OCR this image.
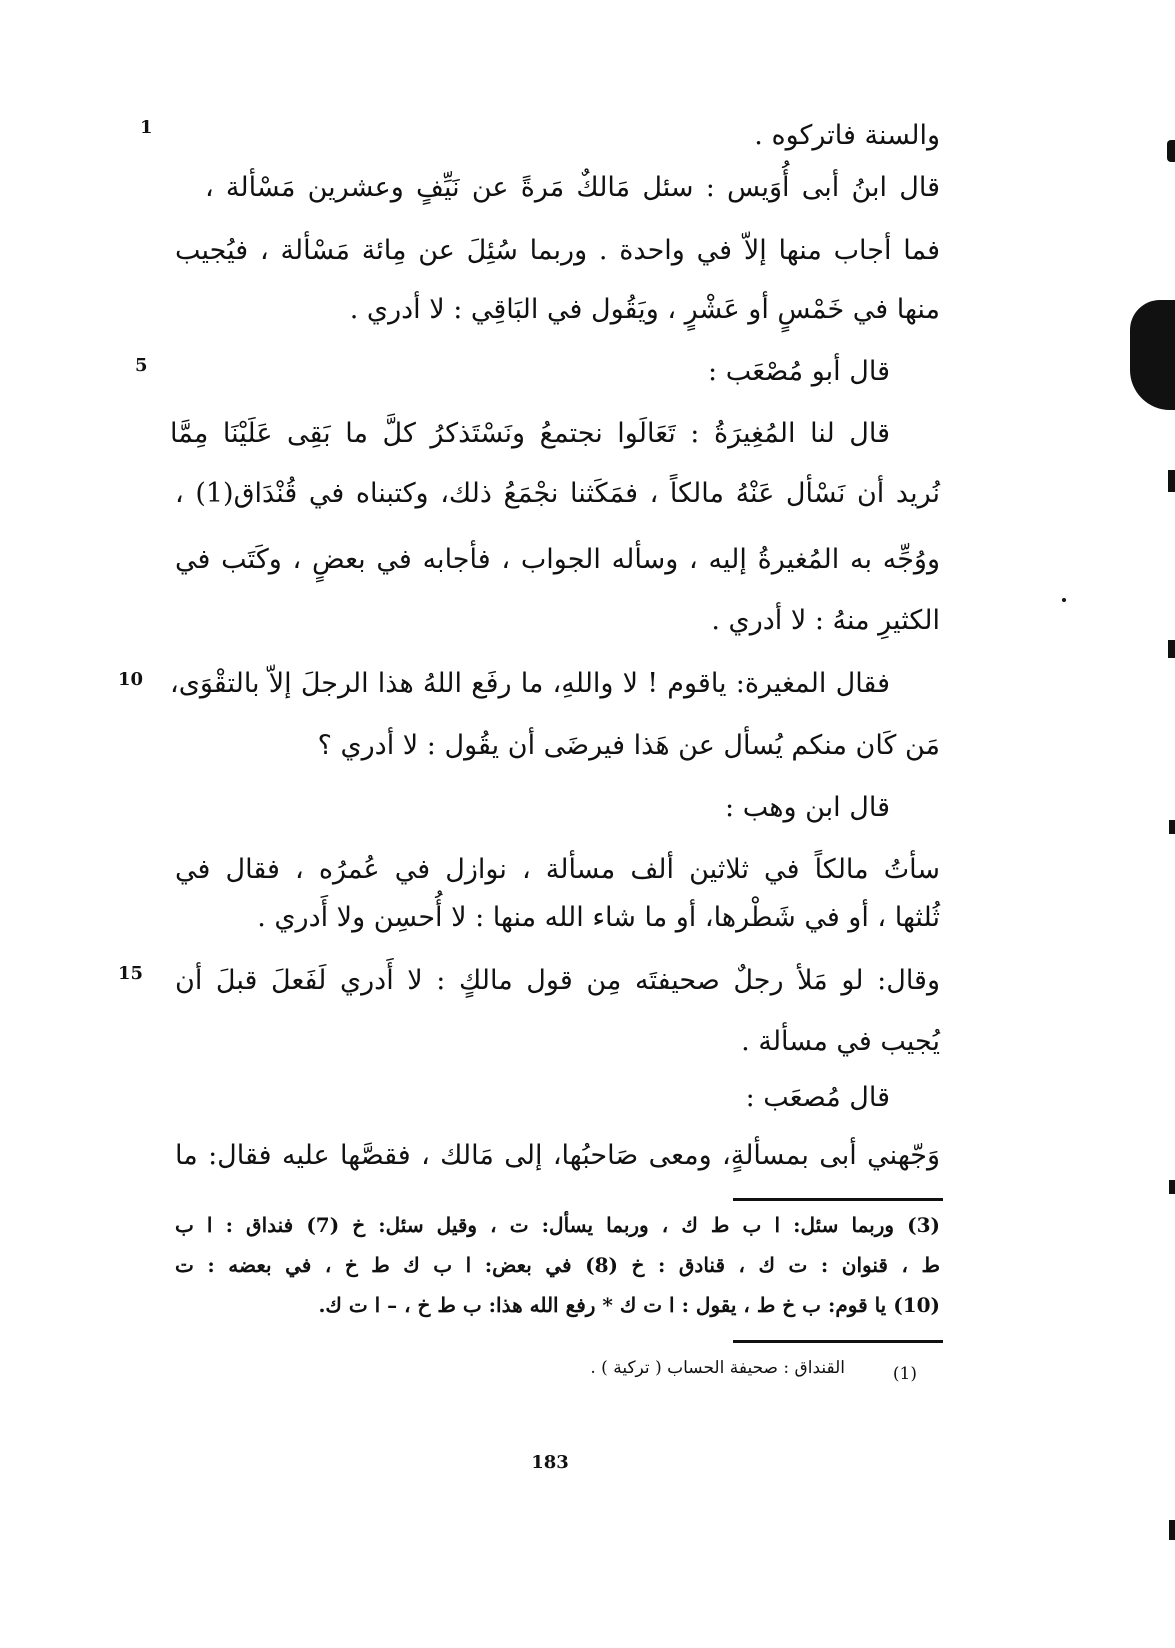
1
5
10
15
والسنة فاتركوه .
قال ابنُ أبى أُوَيس : سئل مَالكٌ مَرةً عن نَيِّفٍ وعشرين مَسْألة ،
فما أجاب منها إلاّ في واحدة . وربما سُئِلَ عن مِائة مَسْألة ، فيُجيب
منها في خَمْسٍ أو عَشْرٍ ، ويَقُول في البَاقِي : لا أدري .
قال أبو مُصْعَب :
قال لنا المُغِيرَةُ : تَعَالَوا نجتمعُ ونَسْتَذكرُ كلَّ ما بَقِى عَلَيْنَا مِمَّا
نُريد أن نَسْأل عَنْهُ مالكاً ، فمَكَثنا نجْمَعُ ذلك، وكتبناه في قُنْدَاق(1) ،
ووُجِّه به المُغيرةُ إليه ، وسأله الجواب ، فأجابه في بعضٍ ، وكَتَب في
الكثيرِ منهُ : لا أدري .
فقال المغيرة: ياقوم ! لا واللهِ، ما رفَع اللهُ هذا الرجلَ إلاّ بالتقْوَى،
مَن كَان منكم يُسأل عن هَذا فيرضَى أن يقُول : لا أدري ؟
قال ابن وهب :
سأتُ مالكاً في ثلاثين ألف مسألة ، نوازل في عُمرُه ، فقال في
ثُلثها ، أو في شَطْرها، أو ما شاء الله منها : لا أُحسِن ولا أَدري .
وقال: لو مَلأ رجلٌ صحيفتَه مِن قول مالكٍ : لا أَدري لَفَعلَ قبلَ أن
يُجيب في مسألة .
قال مُصعَب :
وَجّهني أبى بمسألةٍ، ومعى صَاحبُها، إلى مَالك ، فقصَّها عليه فقال: ما
(3) وربما سئل: ا ب ط ك ، وربما يسأل: ت ، وقيل سئل: خ (7) فنداق : ا ب
ط ، قنوان : ت ك ، قنادق : خ (8) في بعض: ا ب ك ط خ ، في بعضه : ت
(10) يا قوم: ب خ ط ، يقول : ا ت ك * رفع الله هذا: ب ط خ ، – ا ت ك.
(1)
القنداق : صحيفة الحساب ( تركية ) .
183
